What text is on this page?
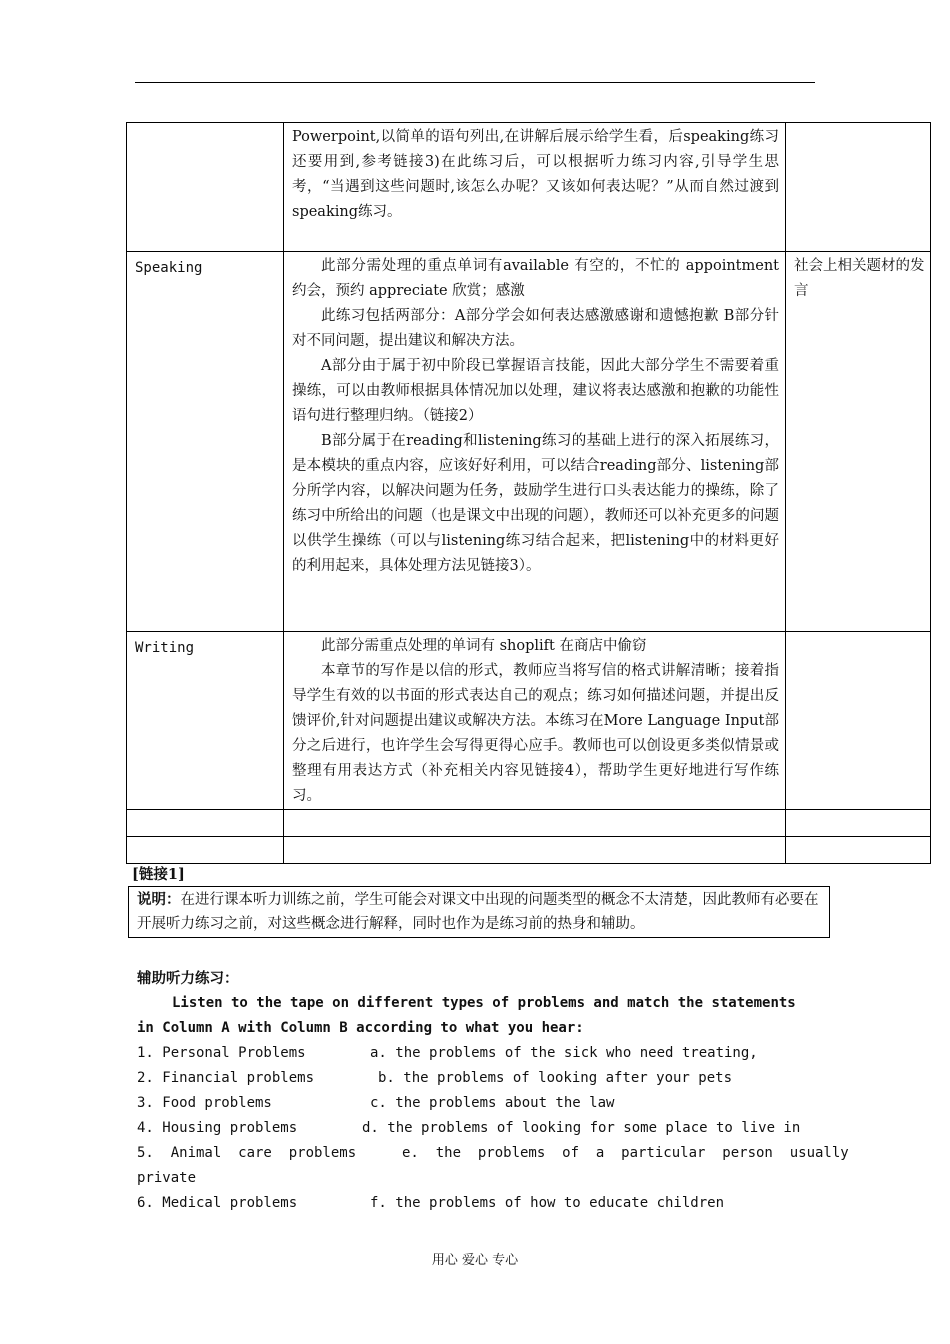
	Powerpoint,以简单的语句列出,在讲解后展示给学生看，后speaking练习还要用到,参考链接3)在此练习后，可以根据听力练习内容,引导学生思考，“当遇到这些问题时,该怎么办呢？又该如何表达呢？”从而自然过渡到speaking练习。	

Speaking	此部分需处理的重点单词有available 有空的，不忙的 appointment 约会，预约 appreciate 欣赏；感激

此练习包括两部分：A部分学会如何表达感激感谢和遗憾抱歉 B部分针对不同问题，提出建议和解决方法。

A部分由于属于初中阶段已掌握语言技能，因此大部分学生不需要着重操练，可以由教师根据具体情况加以处理，建议将表达感激和抱歉的功能性语句进行整理归纳。（链接2）

B部分属于在reading和listening练习的基础上进行的深入拓展练习，是本模块的重点内容，应该好好利用，可以结合reading部分、listening部分所学内容，以解决问题为任务，鼓励学生进行口头表达能力的操练，除了练习中所给出的问题（也是课文中出现的问题），教师还可以补充更多的问题以供学生操练（可以与listening练习结合起来，把listening中的材料更好的利用起来，具体处理方法见链接3）。	社会上相关题材的发言

Writing	此部分需重点处理的单词有 shoplift 在商店中偷窃

本章节的写作是以信的形式，教师应当将写信的格式讲解清晰；接着指导学生有效的以书面的形式表达自己的观点；练习如何描述问题，并提出反馈评价,针对问题提出建议或解决方法。本练习在More Language Input部分之后进行，也许学生会写得更得心应手。教师也可以创设更多类似情景或整理有用表达方式（补充相关内容见链接4），帮助学生更好地进行写作练习。	

[链接1]
说明：在进行课本听力训练之前，学生可能会对课文中出现的问题类型的概念不太清楚，因此教师有必要在开展听力练习之前，对这些概念进行解释，同时也作为是练习前的热身和辅助。
辅助听力练习：
Listen to the tape on different types of problems and match the statements
in Column A with Column B according to what you hear:
1. Personal Problems	a. the problems of the sick who need treating,
2. Financial problems	b. the problems of looking after your pets
3. Food problems	c. the problems about the law
4. Housing problems	d. the problems of looking for some place to live in
5.  Animal  care  problems	e.  the  problems  of  a  particular  person  usually
private
6. Medical problems	f. the problems of how to educate children
用心 爱心 专心
